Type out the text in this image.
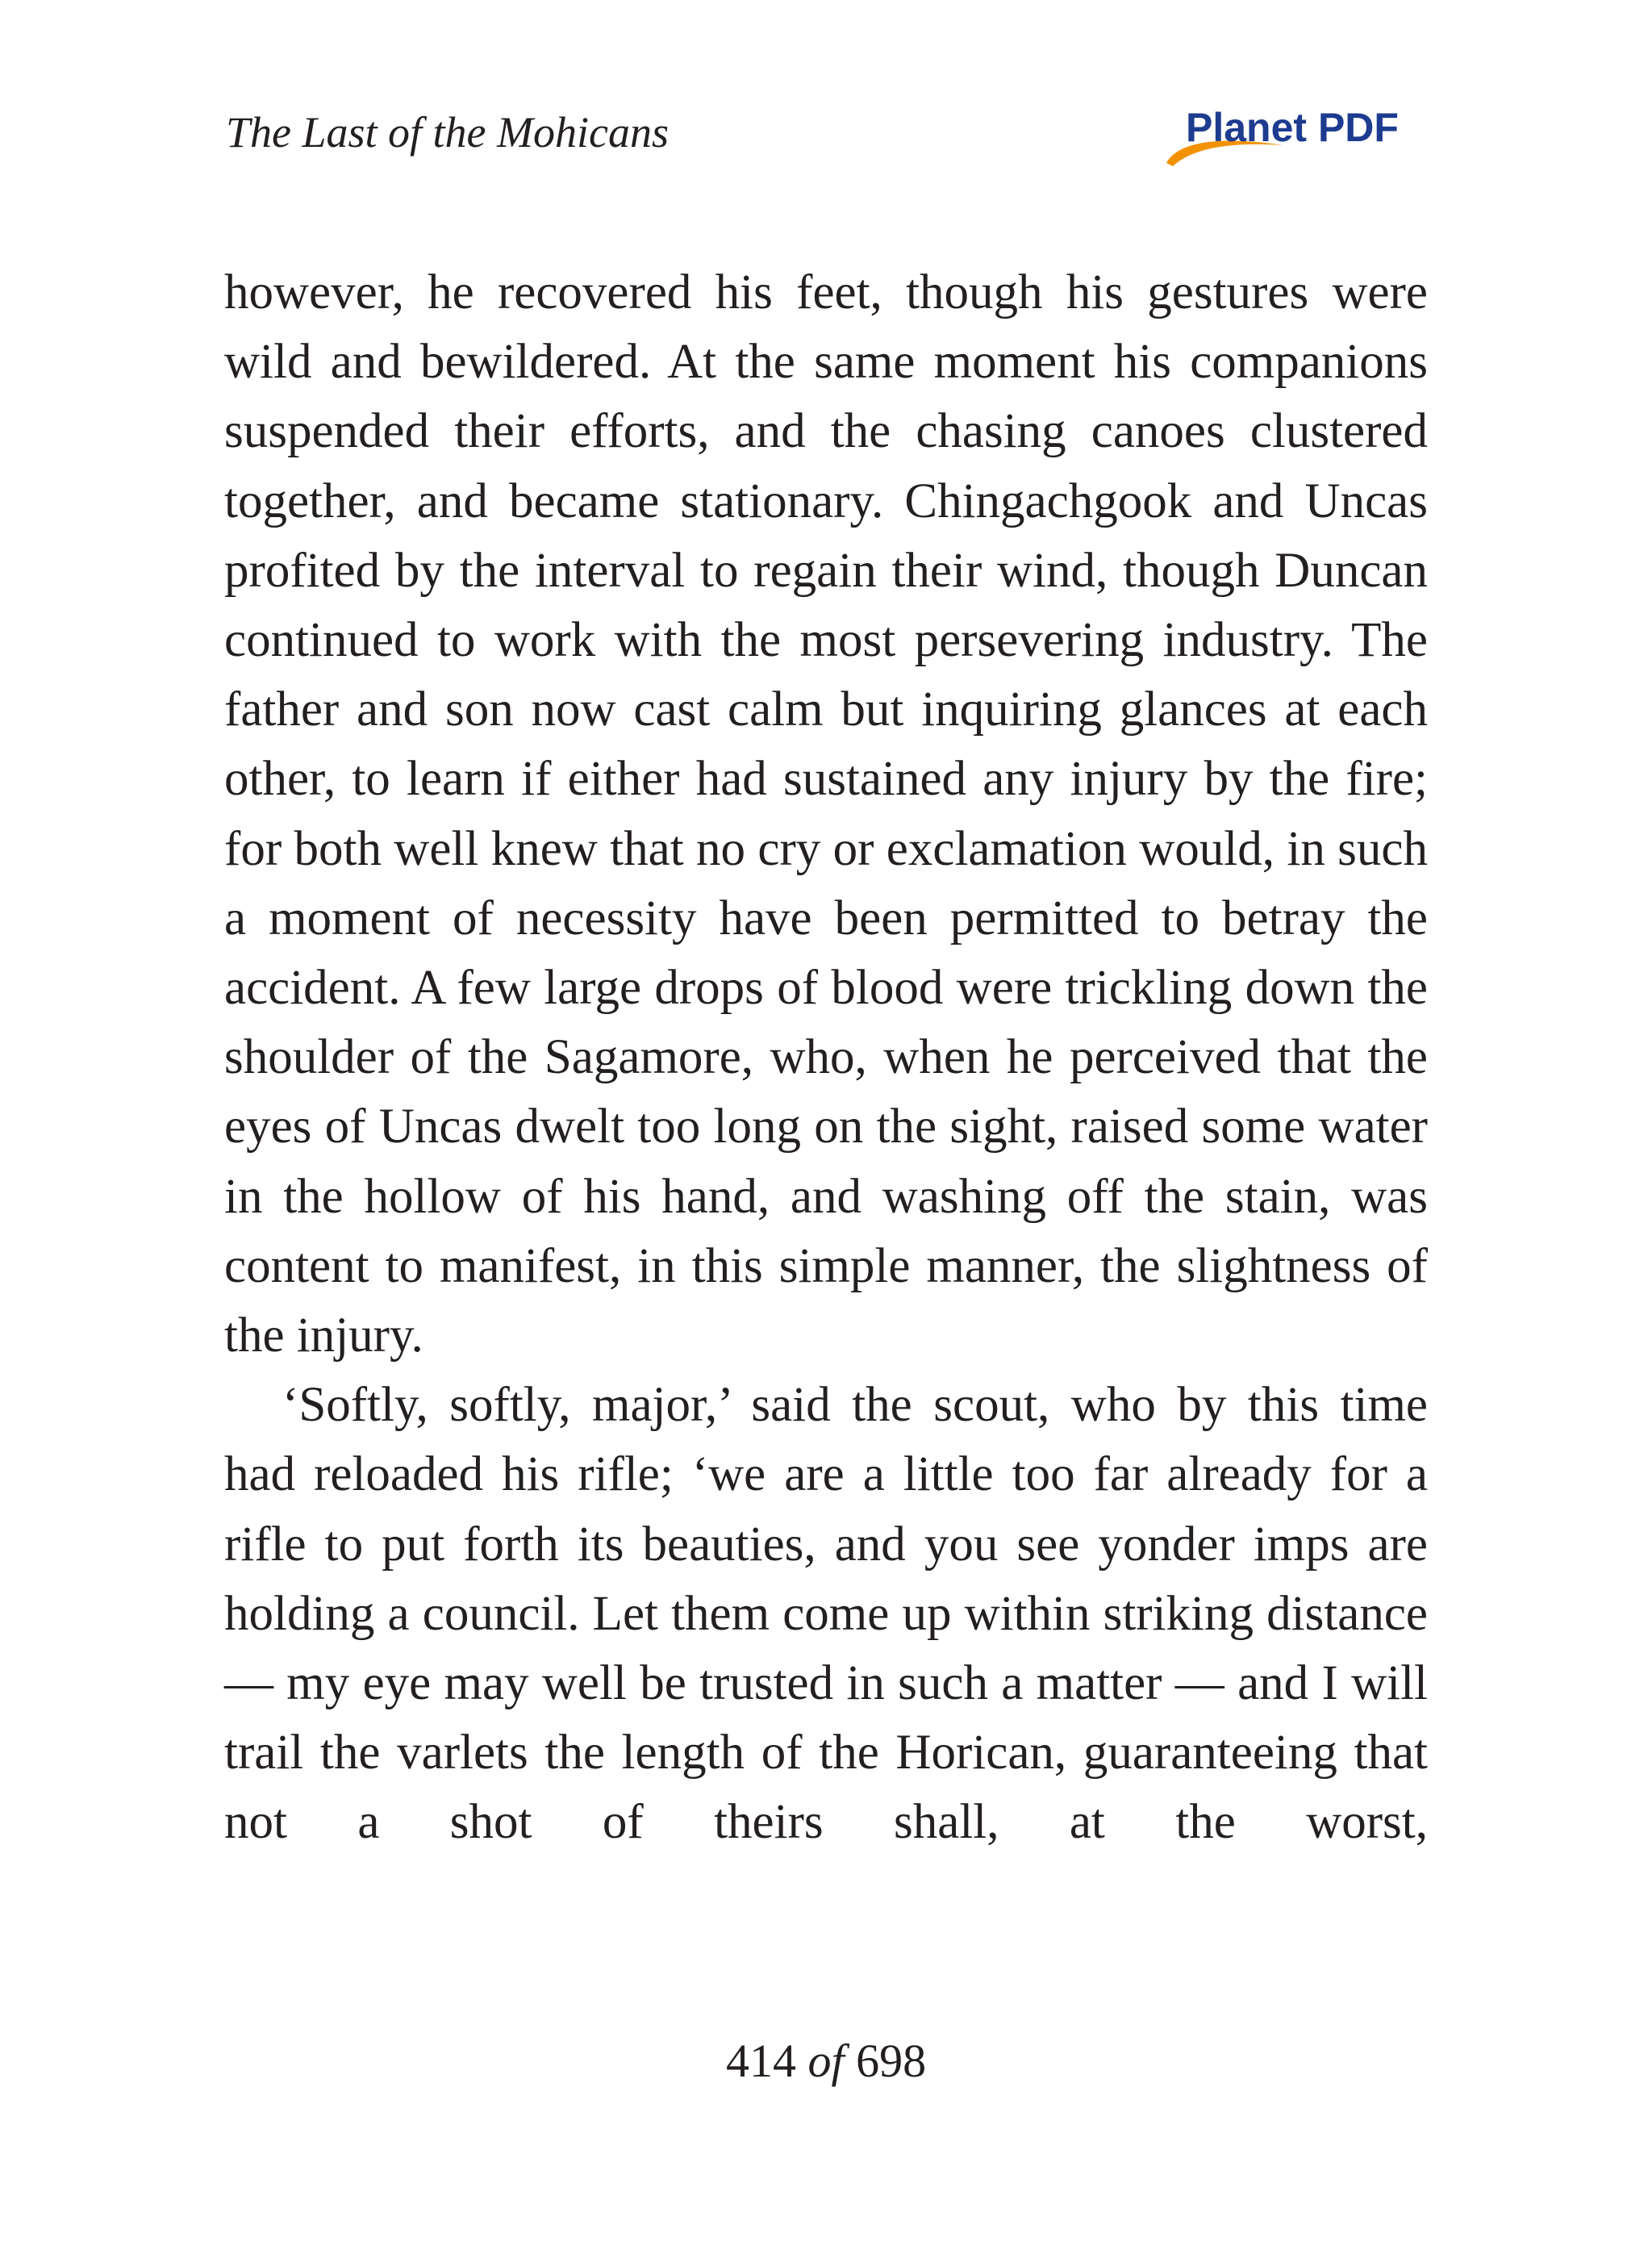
The Last of the Mohicans	Planet PDF

however, he recovered his feet, though his gestures were wild and bewildered. At the same moment his companions suspended their efforts, and the chasing canoes clustered together, and became stationary. Chingachgook and Uncas profited by the interval to regain their wind, though Duncan continued to work with the most persevering industry. The father and son now cast calm but inquiring glances at each other, to learn if either had sustained any injury by the fire; for both well knew that no cry or exclamation would, in such a moment of necessity have been permitted to betray the accident. A few large drops of blood were trickling down the shoulder of the Sagamore, who, when he perceived that the eyes of Uncas dwelt too long on the sight, raised some water in the hollow of his hand, and washing off the stain, was content to manifest, in this simple manner, the slightness of the injury.

‘Softly, softly, major,’ said the scout, who by this time had reloaded his rifle; ‘we are a little too far already for a rifle to put forth its beauties, and you see yonder imps are holding a council. Let them come up within striking distance — my eye may well be trusted in such a matter — and I will trail the varlets the length of the Horican, guaranteeing that not a shot of theirs shall, at the worst,

414 of 698
